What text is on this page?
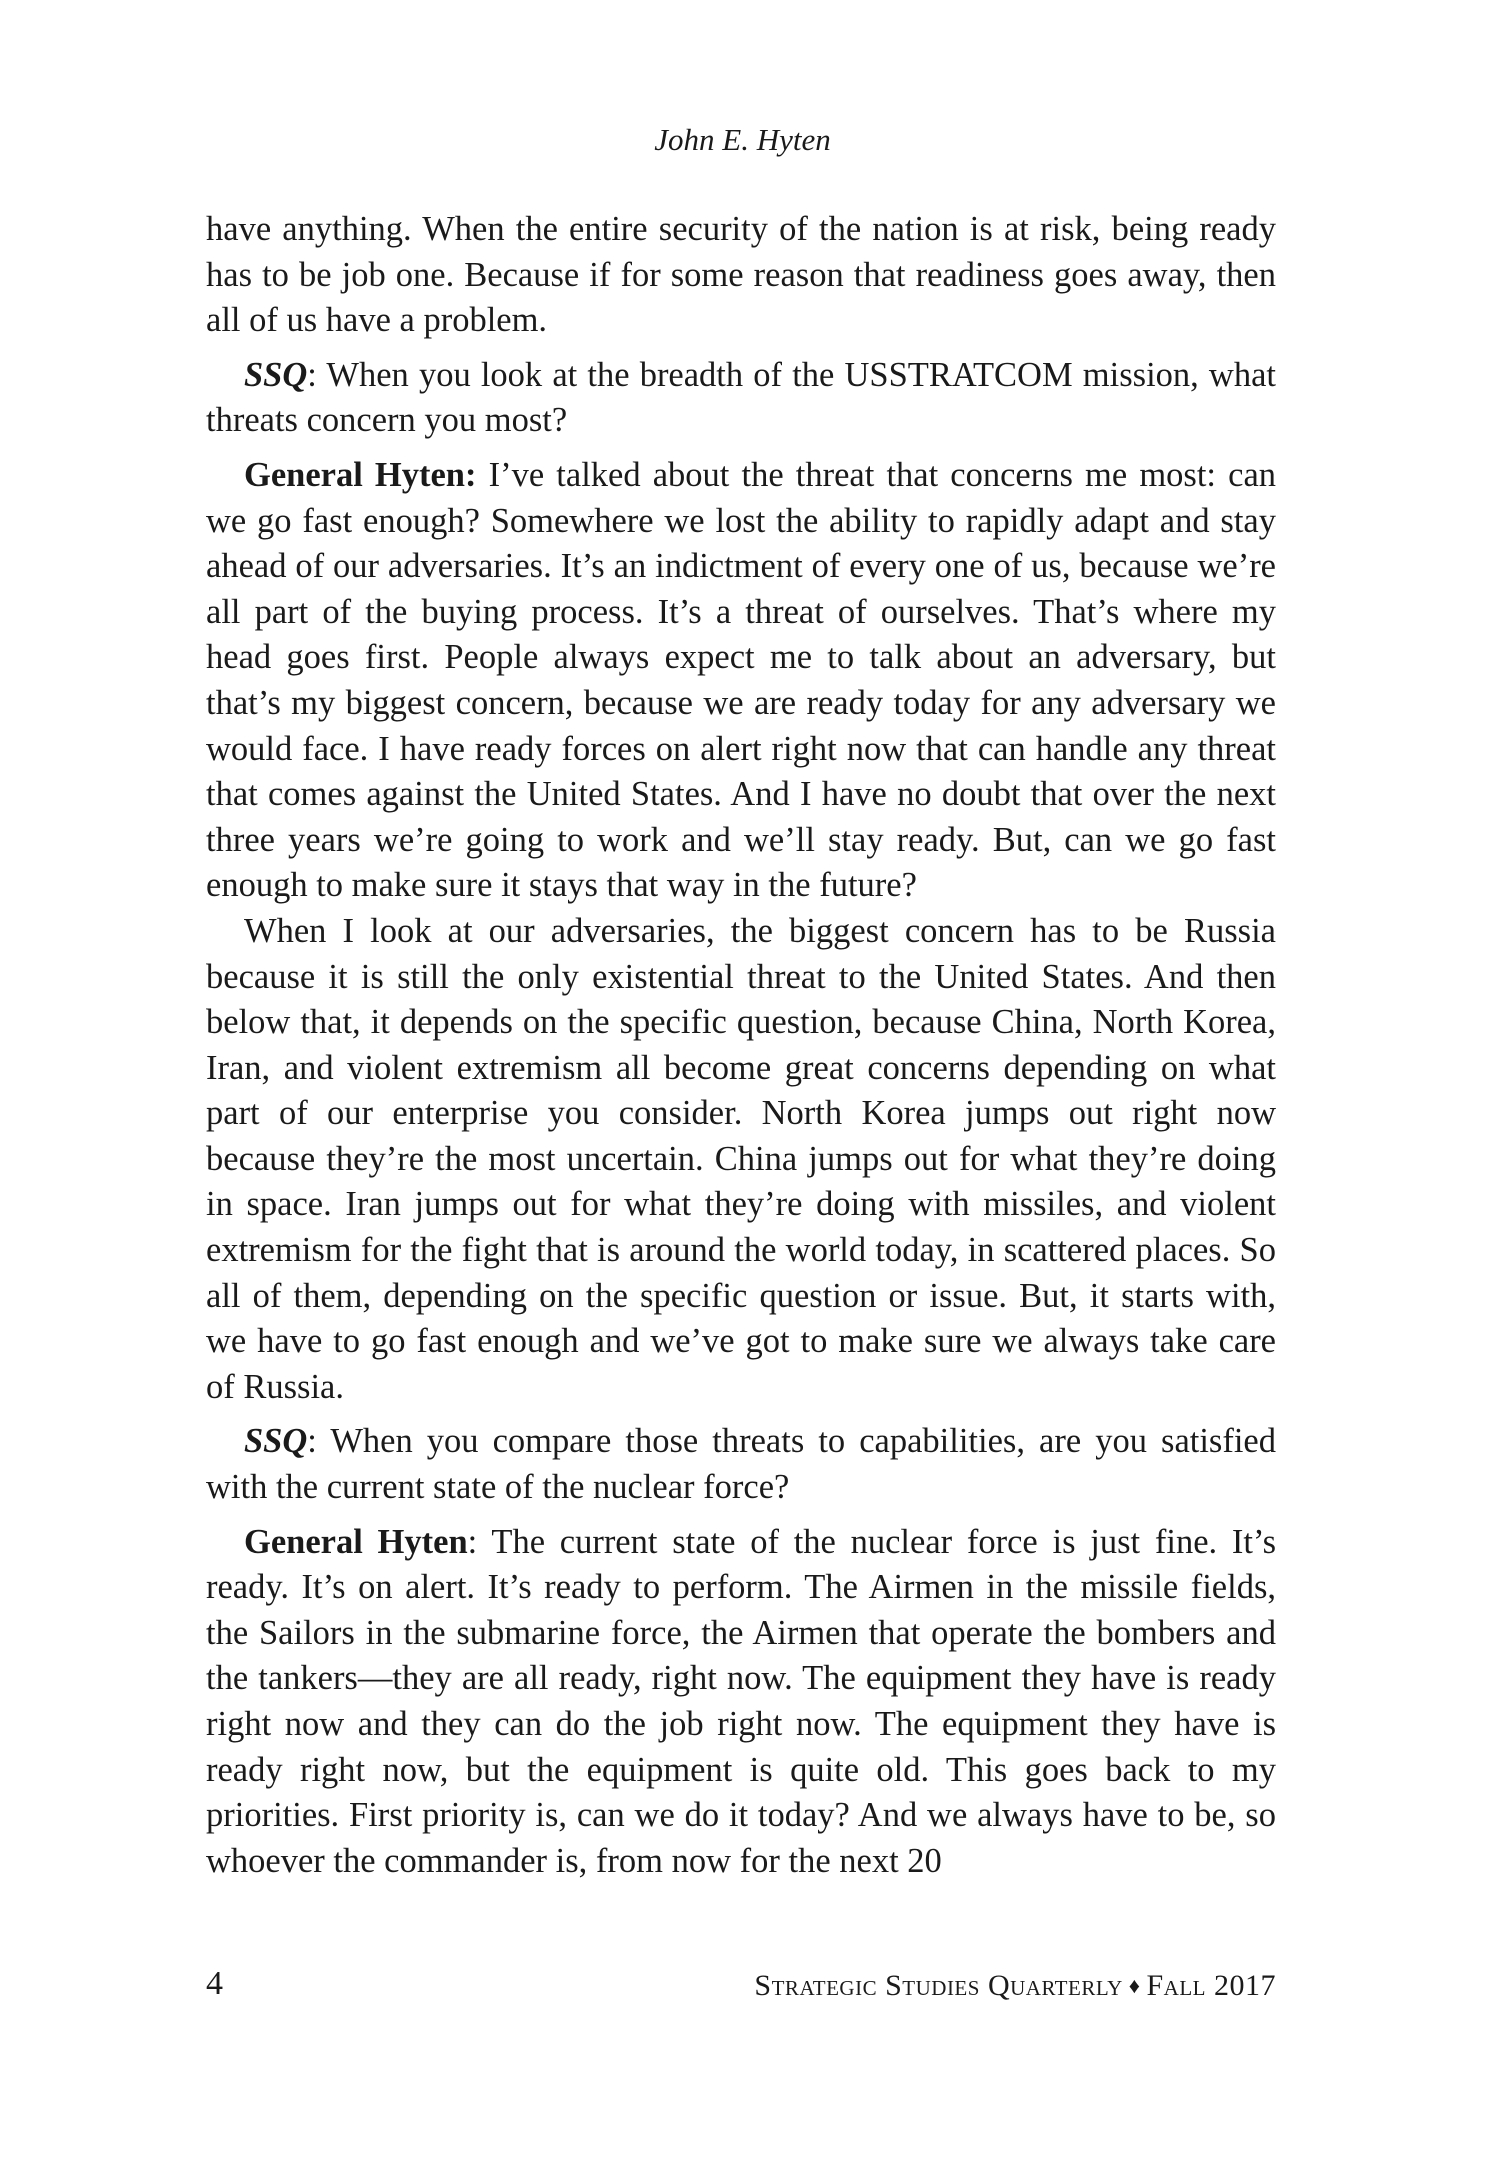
John E. Hyten

have anything. When the entire security of the nation is at risk, being ready has to be job one. Because if for some reason that readiness goes away, then all of us have a problem.

SSQ: When you look at the breadth of the USSTRATCOM mission, what threats concern you most?

General Hyten: I’ve talked about the threat that concerns me most: can we go fast enough? Somewhere we lost the ability to rapidly adapt and stay ahead of our adversaries. It’s an indictment of every one of us, because we’re all part of the buying process. It’s a threat of ourselves. That’s where my head goes first. People always expect me to talk about an adversary, but that’s my biggest concern, because we are ready today for any adversary we would face. I have ready forces on alert right now that can handle any threat that comes against the United States. And I have no doubt that over the next three years we’re going to work and we’ll stay ready. But, can we go fast enough to make sure it stays that way in the future?

When I look at our adversaries, the biggest concern has to be Russia because it is still the only existential threat to the United States. And then below that, it depends on the specific question, because China, North Korea, Iran, and violent extremism all become great concerns depending on what part of our enterprise you consider. North Korea jumps out right now because they’re the most uncertain. China jumps out for what they’re doing in space. Iran jumps out for what they’re doing with missiles, and violent extremism for the fight that is around the world today, in scattered places. So all of them, depending on the specific question or issue. But, it starts with, we have to go fast enough and we’ve got to make sure we always take care of Russia.

SSQ: When you compare those threats to capabilities, are you satisfied with the current state of the nuclear force?

General Hyten: The current state of the nuclear force is just fine. It’s ready. It’s on alert. It’s ready to perform. The Airmen in the missile fields, the Sailors in the submarine force, the Airmen that operate the bombers and the tankers—they are all ready, right now. The equipment they have is ready right now and they can do the job right now. The equipment they have is ready right now, but the equipment is quite old. This goes back to my priorities. First priority is, can we do it today? And we always have to be, so whoever the commander is, from now for the next 20

4	Strategic Studies Quarterly ♦ Fall 2017
